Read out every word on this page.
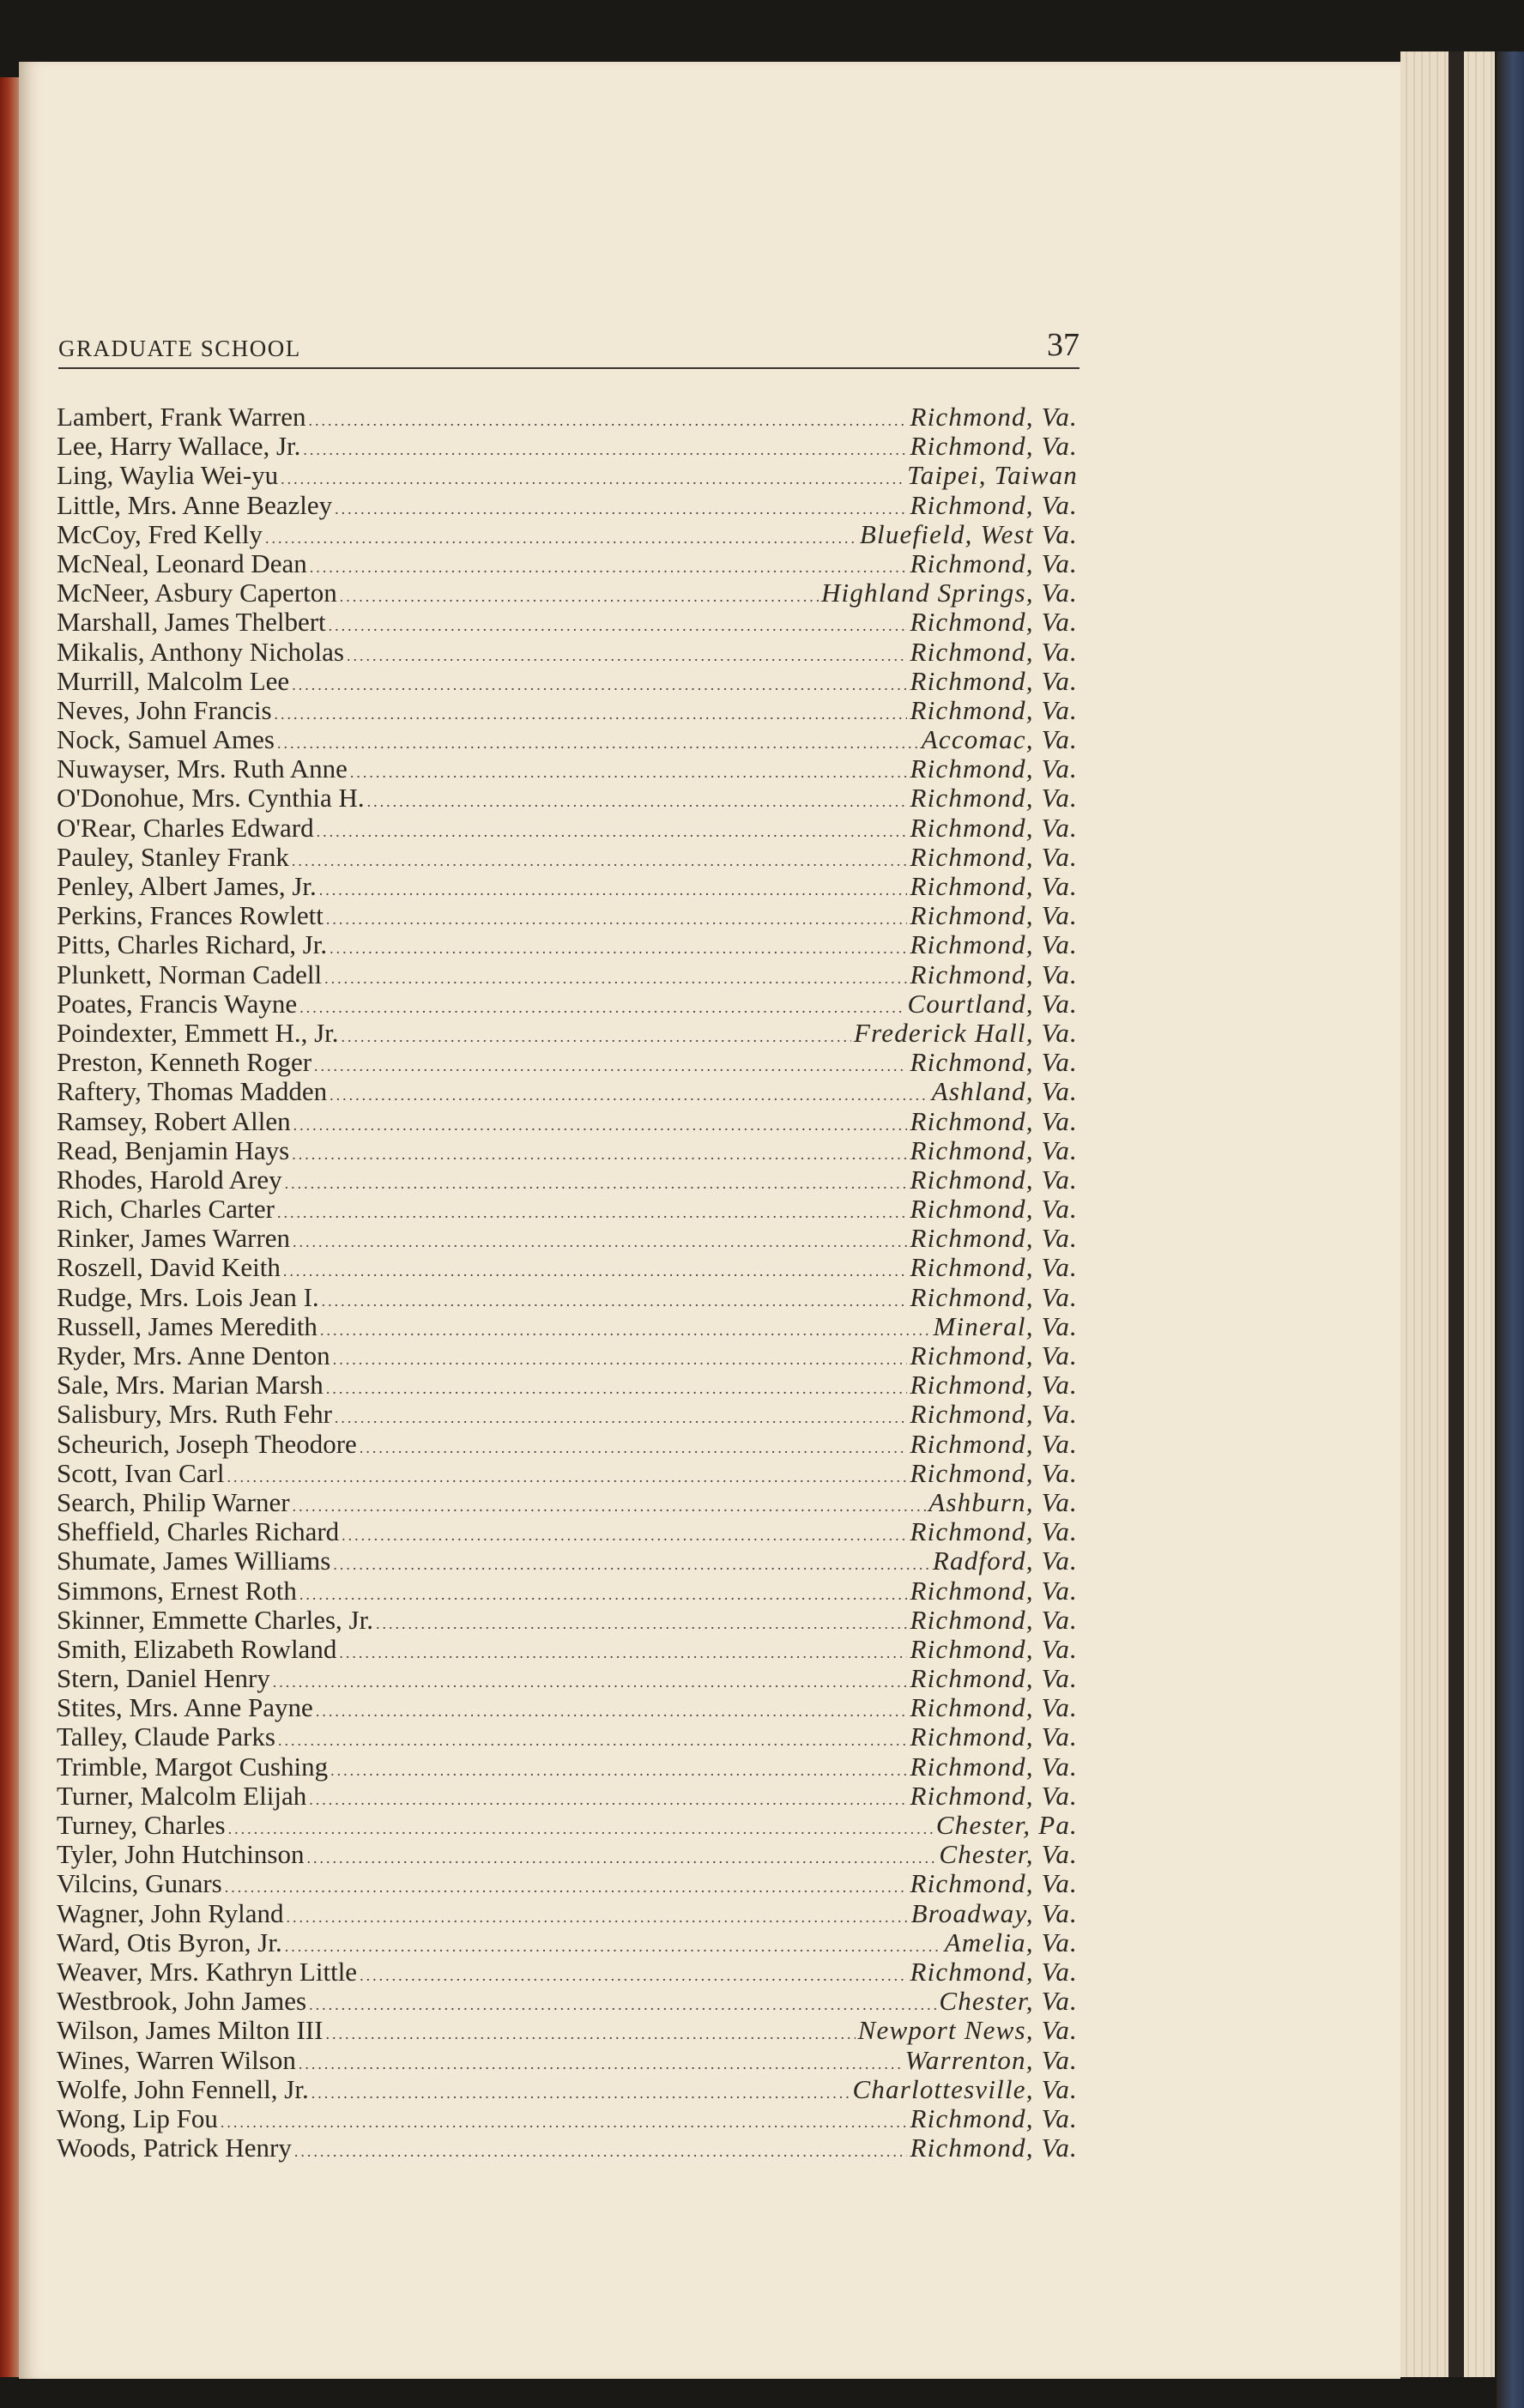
GRADUATE SCHOOL	37
Lambert, Frank Warren .....	Richmond, Va.
Lee, Harry Wallace, Jr. .....	Richmond, Va.
Ling, Waylia Wei-yu .....	Taipei, Taiwan
Little, Mrs. Anne Beazley .....	Richmond, Va.
McCoy, Fred Kelly .....	Bluefield, West Va.
McNeal, Leonard Dean .....	Richmond, Va.
McNeer, Asbury Caperton .....	Highland Springs, Va.
Marshall, James Thelbert .....	Richmond, Va.
Mikalis, Anthony Nicholas .....	Richmond, Va.
Murrill, Malcolm Lee .....	Richmond, Va.
Neves, John Francis .....	Richmond, Va.
Nock, Samuel Ames .....	Accomac, Va.
Nuwayser, Mrs. Ruth Anne .....	Richmond, Va.
O'Donohue, Mrs. Cynthia H. .....	Richmond, Va.
O'Rear, Charles Edward .....	Richmond, Va.
Pauley, Stanley Frank .....	Richmond, Va.
Penley, Albert James, Jr. .....	Richmond, Va.
Perkins, Frances Rowlett .....	Richmond, Va.
Pitts, Charles Richard, Jr. .....	Richmond, Va.
Plunkett, Norman Cadell .....	Richmond, Va.
Poates, Francis Wayne .....	Courtland, Va.
Poindexter, Emmett H., Jr. .....	Frederick Hall, Va.
Preston, Kenneth Roger .....	Richmond, Va.
Raftery, Thomas Madden .....	Ashland, Va.
Ramsey, Robert Allen .....	Richmond, Va.
Read, Benjamin Hays .....	Richmond, Va.
Rhodes, Harold Arey .....	Richmond, Va.
Rich, Charles Carter .....	Richmond, Va.
Rinker, James Warren .....	Richmond, Va.
Roszell, David Keith .....	Richmond, Va.
Rudge, Mrs. Lois Jean I. .....	Richmond, Va.
Russell, James Meredith .....	Mineral, Va.
Ryder, Mrs. Anne Denton .....	Richmond, Va.
Sale, Mrs. Marian Marsh .....	Richmond, Va.
Salisbury, Mrs. Ruth Fehr .....	Richmond, Va.
Scheurich, Joseph Theodore .....	Richmond, Va.
Scott, Ivan Carl .....	Richmond, Va.
Search, Philip Warner .....	Ashburn, Va.
Sheffield, Charles Richard .....	Richmond, Va.
Shumate, James Williams .....	Radford, Va.
Simmons, Ernest Roth .....	Richmond, Va.
Skinner, Emmette Charles, Jr. .....	Richmond, Va.
Smith, Elizabeth Rowland .....	Richmond, Va.
Stern, Daniel Henry .....	Richmond, Va.
Stites, Mrs. Anne Payne .....	Richmond, Va.
Talley, Claude Parks .....	Richmond, Va.
Trimble, Margot Cushing .....	Richmond, Va.
Turner, Malcolm Elijah .....	Richmond, Va.
Turney, Charles .....	Chester, Pa.
Tyler, John Hutchinson .....	Chester, Va.
Vilcins, Gunars .....	Richmond, Va.
Wagner, John Ryland .....	Broadway, Va.
Ward, Otis Byron, Jr. .....	Amelia, Va.
Weaver, Mrs. Kathryn Little .....	Richmond, Va.
Westbrook, John James .....	Chester, Va.
Wilson, James Milton III .....	Newport News, Va.
Wines, Warren Wilson .....	Warrenton, Va.
Wolfe, John Fennell, Jr. .....	Charlottesville, Va.
Wong, Lip Fou .....	Richmond, Va.
Woods, Patrick Henry .....	Richmond, Va.
